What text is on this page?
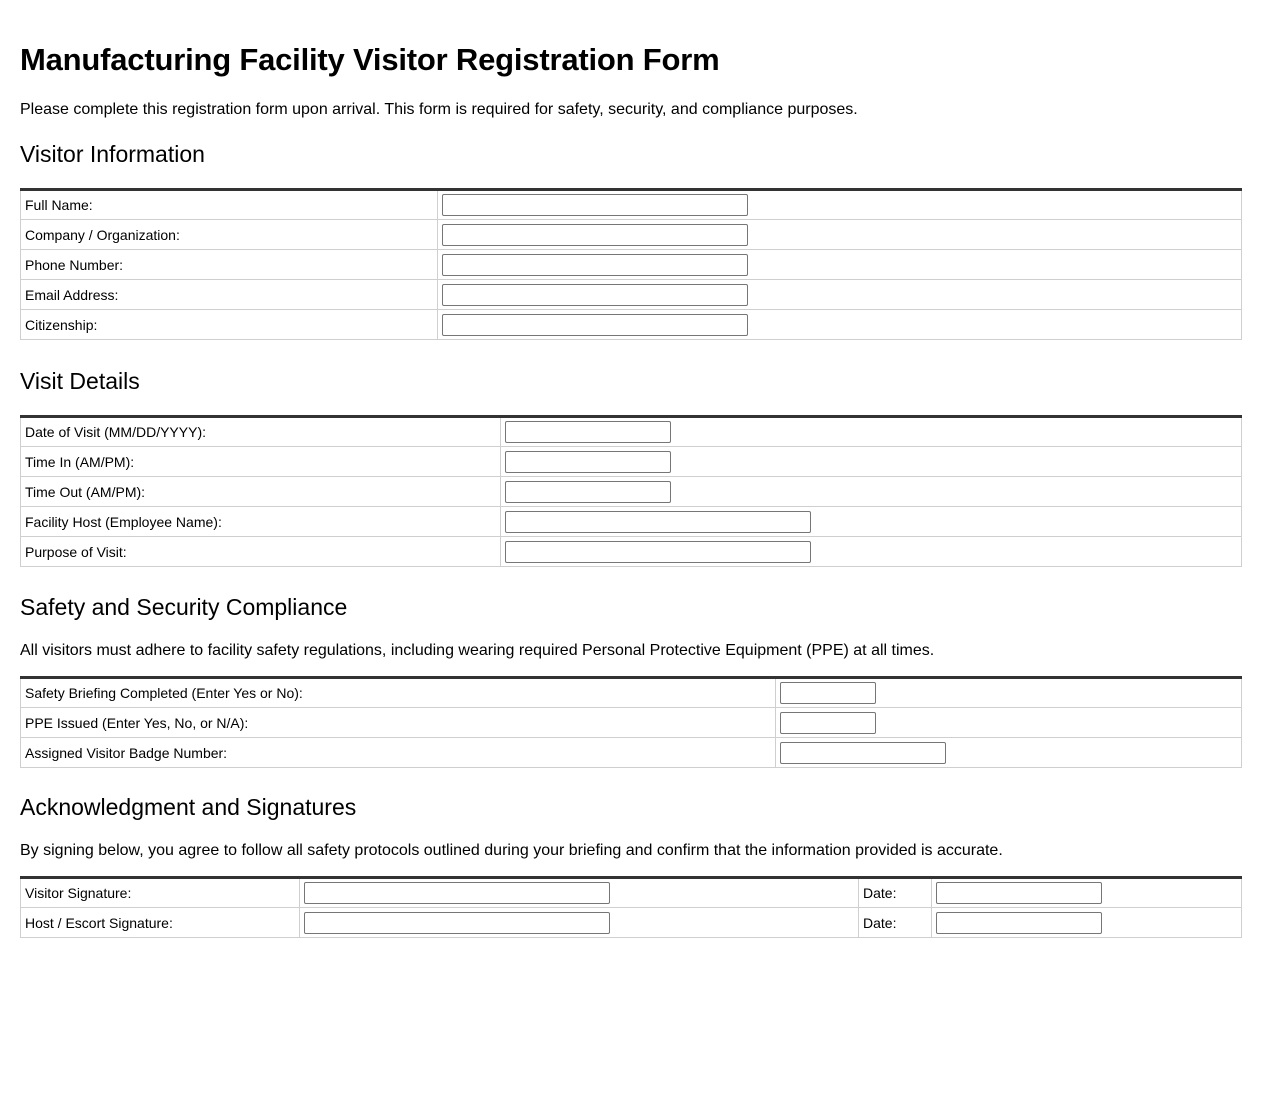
Manufacturing Facility Visitor Registration Form

Please complete this registration form upon arrival. This form is required for safety, security, and compliance purposes.

Visitor Information
Full Name:	

Company / Organization:	

Phone Number:	

Email Address:	

Citizenship:	
Visit Details
Date of Visit (MM/DD/YYYY):	

Time In (AM/PM):	

Time Out (AM/PM):	

Facility Host (Employee Name):	

Purpose of Visit:	
Safety and Security Compliance

All visitors must adhere to facility safety regulations, including wearing required Personal Protective Equipment (PPE) at all times.

Safety Briefing Completed (Enter Yes or No):	

PPE Issued (Enter Yes, No, or N/A):	

Assigned Visitor Badge Number:	
Acknowledgment and Signatures

By signing below, you agree to follow all safety protocols outlined during your briefing and confirm that the information provided is accurate.

Visitor Signature:		Date:	

Host / Escort Signature:		Date:	
